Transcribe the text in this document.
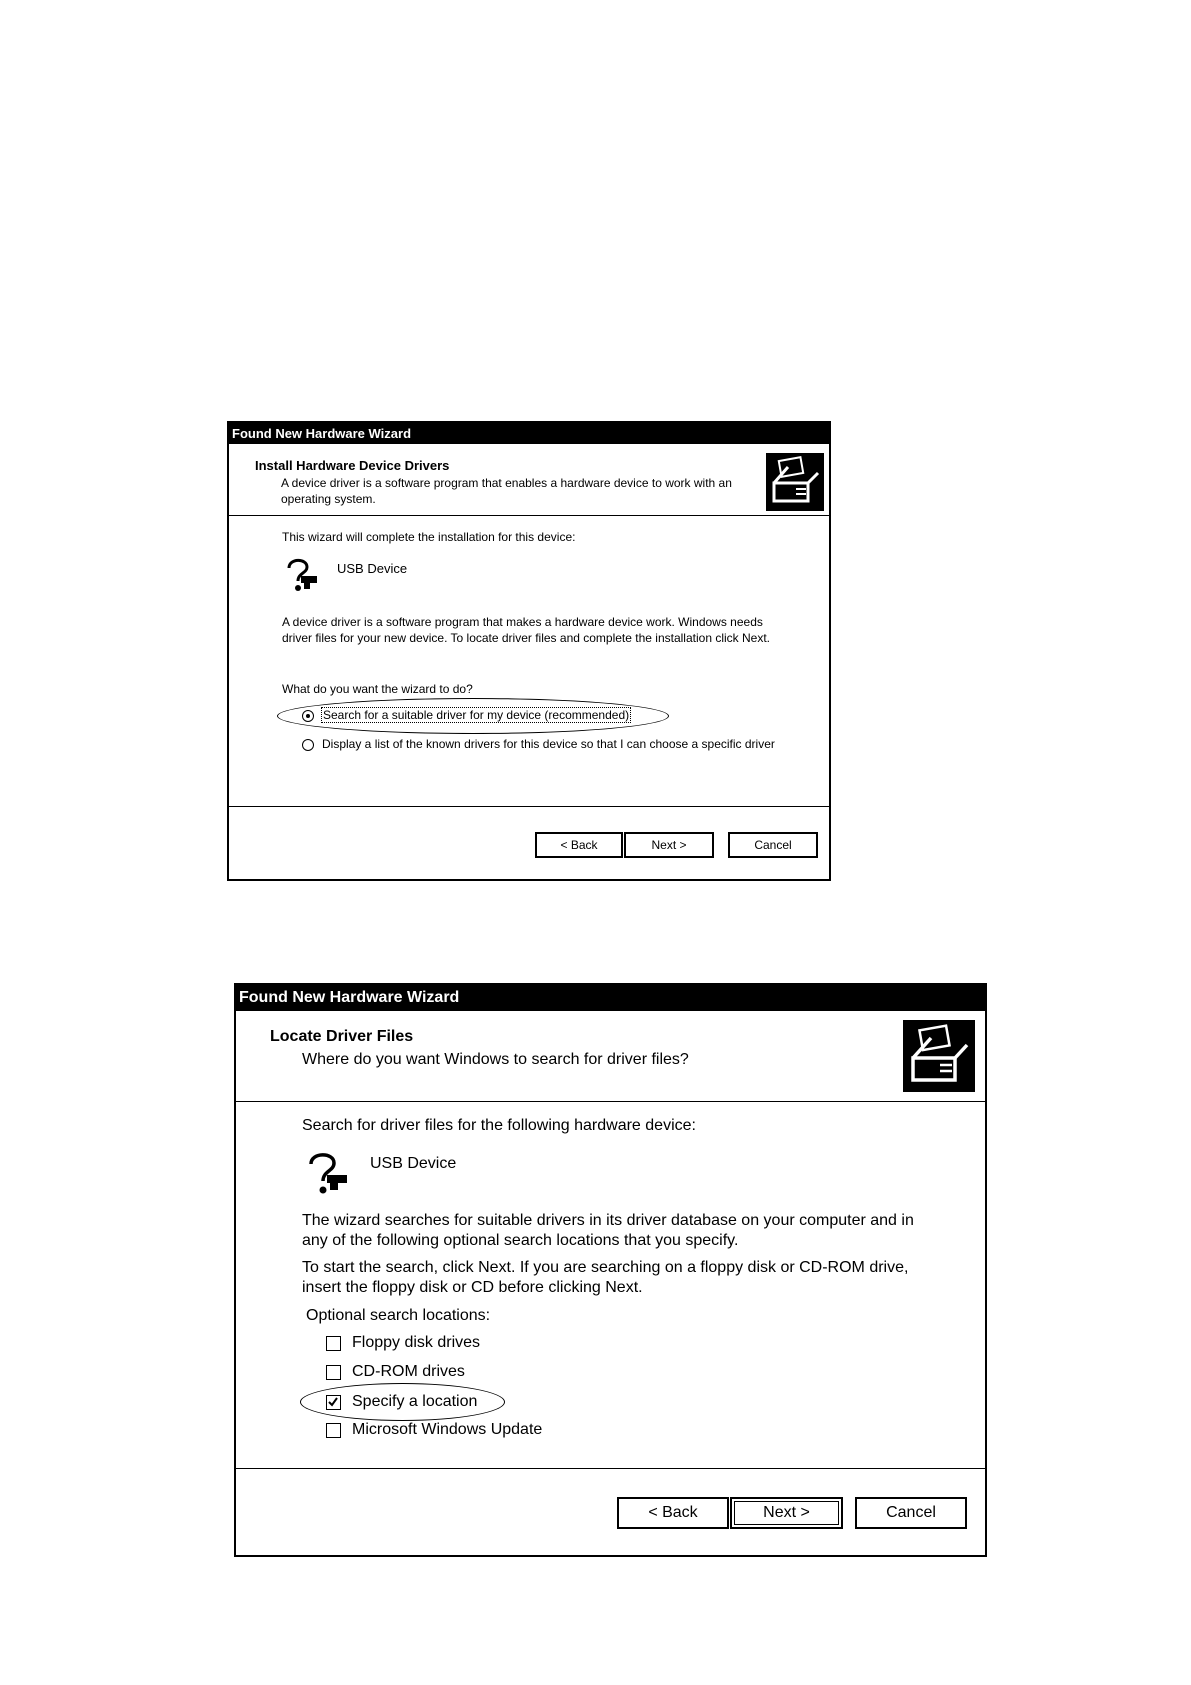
Found New Hardware Wizard
Install Hardware Device Drivers
A device driver is a software program that enables a hardware device to work with an operating system.
This wizard will complete the installation for this device:
USB Device
A device driver is a software program that makes a hardware device work. Windows needs driver files for your new device. To locate driver files and complete the installation click Next.
What do you want the wizard to do?
Search for a suitable driver for my device (recommended)
Display a list of the known drivers for this device so that I can choose a specific driver
< Back	Next >	Cancel
Found New Hardware Wizard
Locate Driver Files
Where do you want Windows to search for driver files?
Search for driver files for the following hardware device:
USB Device
The wizard searches for suitable drivers in its driver database on your computer and in any of the following optional search locations that you specify.
To start the search, click Next. If you are searching on a floppy disk or CD-ROM drive, insert the floppy disk or CD before clicking Next.
Optional search locations:
Floppy disk drives
CD-ROM drives
Specify a location
Microsoft Windows Update
< Back	Next >	Cancel
